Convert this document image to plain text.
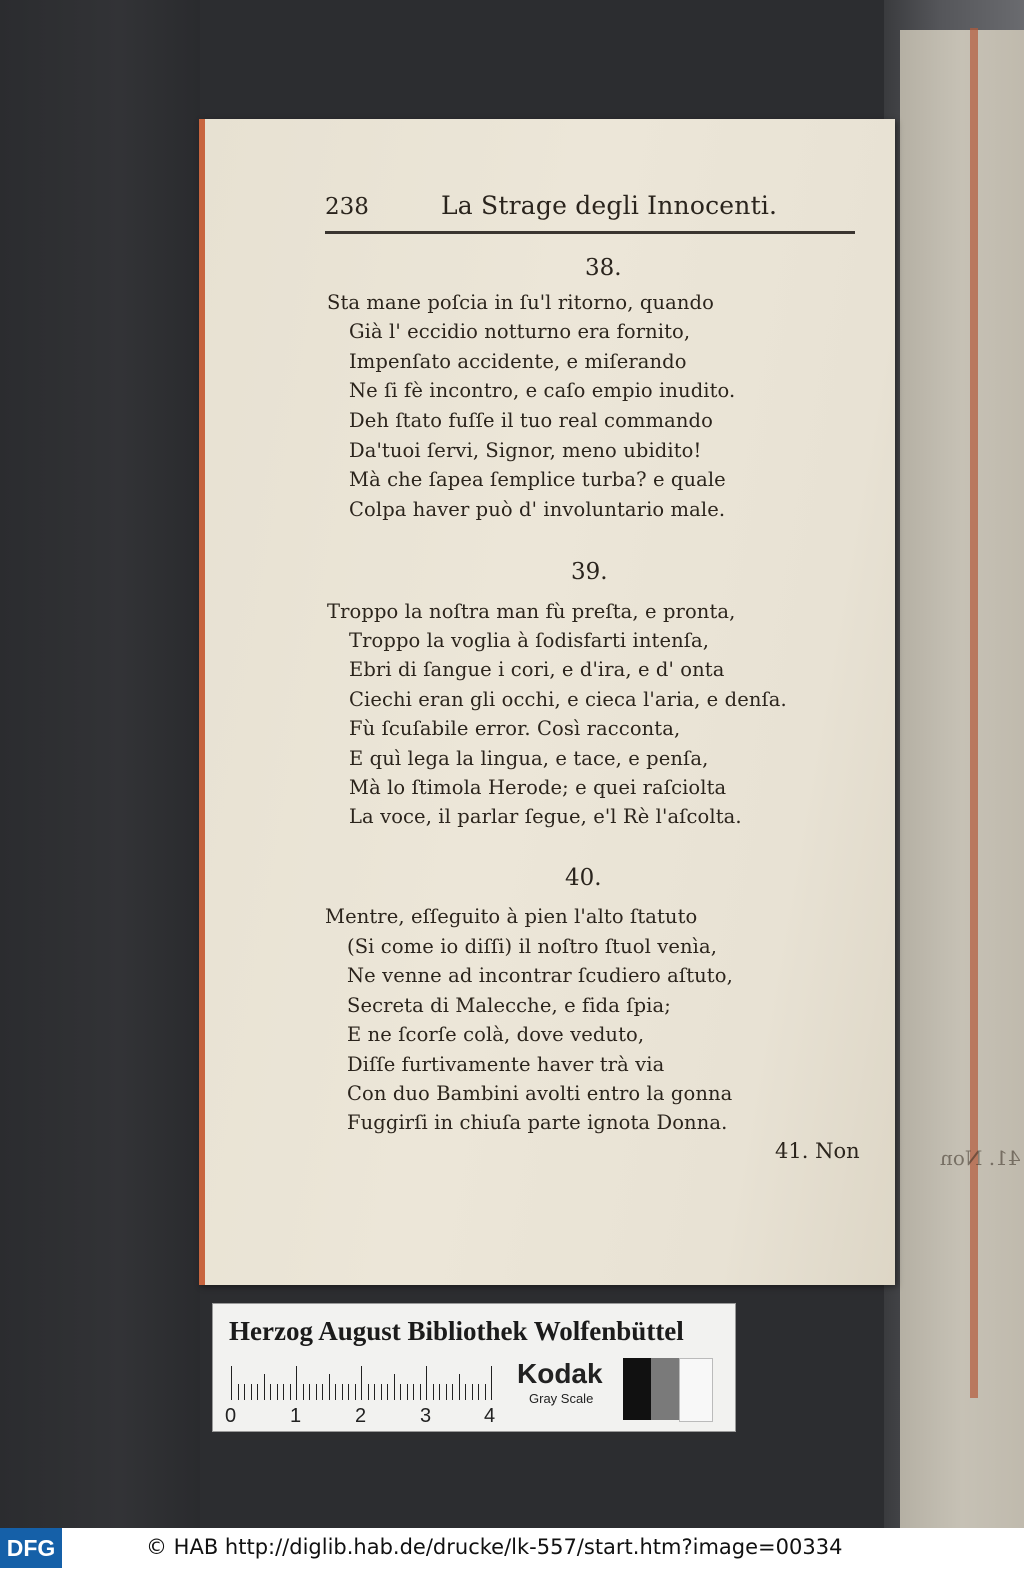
41. Non
238	La Strage degli Innocenti.
38.
Sta mane poſcia in ſu'l ritorno, quando
Già l' eccidio notturno era fornito,
Impenſato accidente, e miſerando
Ne ſi fè incontro, e caſo empio inudito.
Deh ſtato fuſſe il tuo real commando
Da'tuoi ſervi, Signor, meno ubidito!
Mà che ſapea ſemplice turba? e quale
Colpa haver può d' involuntario male.
39.
Troppo la noſtra man fù preſta, e pronta,
Troppo la voglia à ſodisfarti intenſa,
Ebri di ſangue i cori, e d'ira, e d' onta
Ciechi eran gli occhi, e cieca l'aria, e denſa.
Fù ſcuſabile error. Così racconta,
E quì lega la lingua, e tace, e penſa,
Mà lo ſtimola Herode; e quei raſciolta
La voce, il parlar ſegue, e'l Rè l'aſcolta.
40.
Mentre, eſſeguito à pien l'alto ſtatuto
(Si come io diſſi) il noſtro ſtuol venìa,
Ne venne ad incontrar ſcudiero aſtuto,
Secreta di Malecche, e fida ſpia;
E ne ſcorſe colà, dove veduto,
Diſſe furtivamente haver trà via
Con duo Bambini avolti entro la gonna
Fuggirſi in chiuſa parte ignota Donna.
41. Non
Herzog August Bibliothek Wolfenbüttel
0	1	2	3	4
Kodak
Gray Scale
DFG	© HAB http://diglib.hab.de/drucke/lk-557/start.htm?image=00334
